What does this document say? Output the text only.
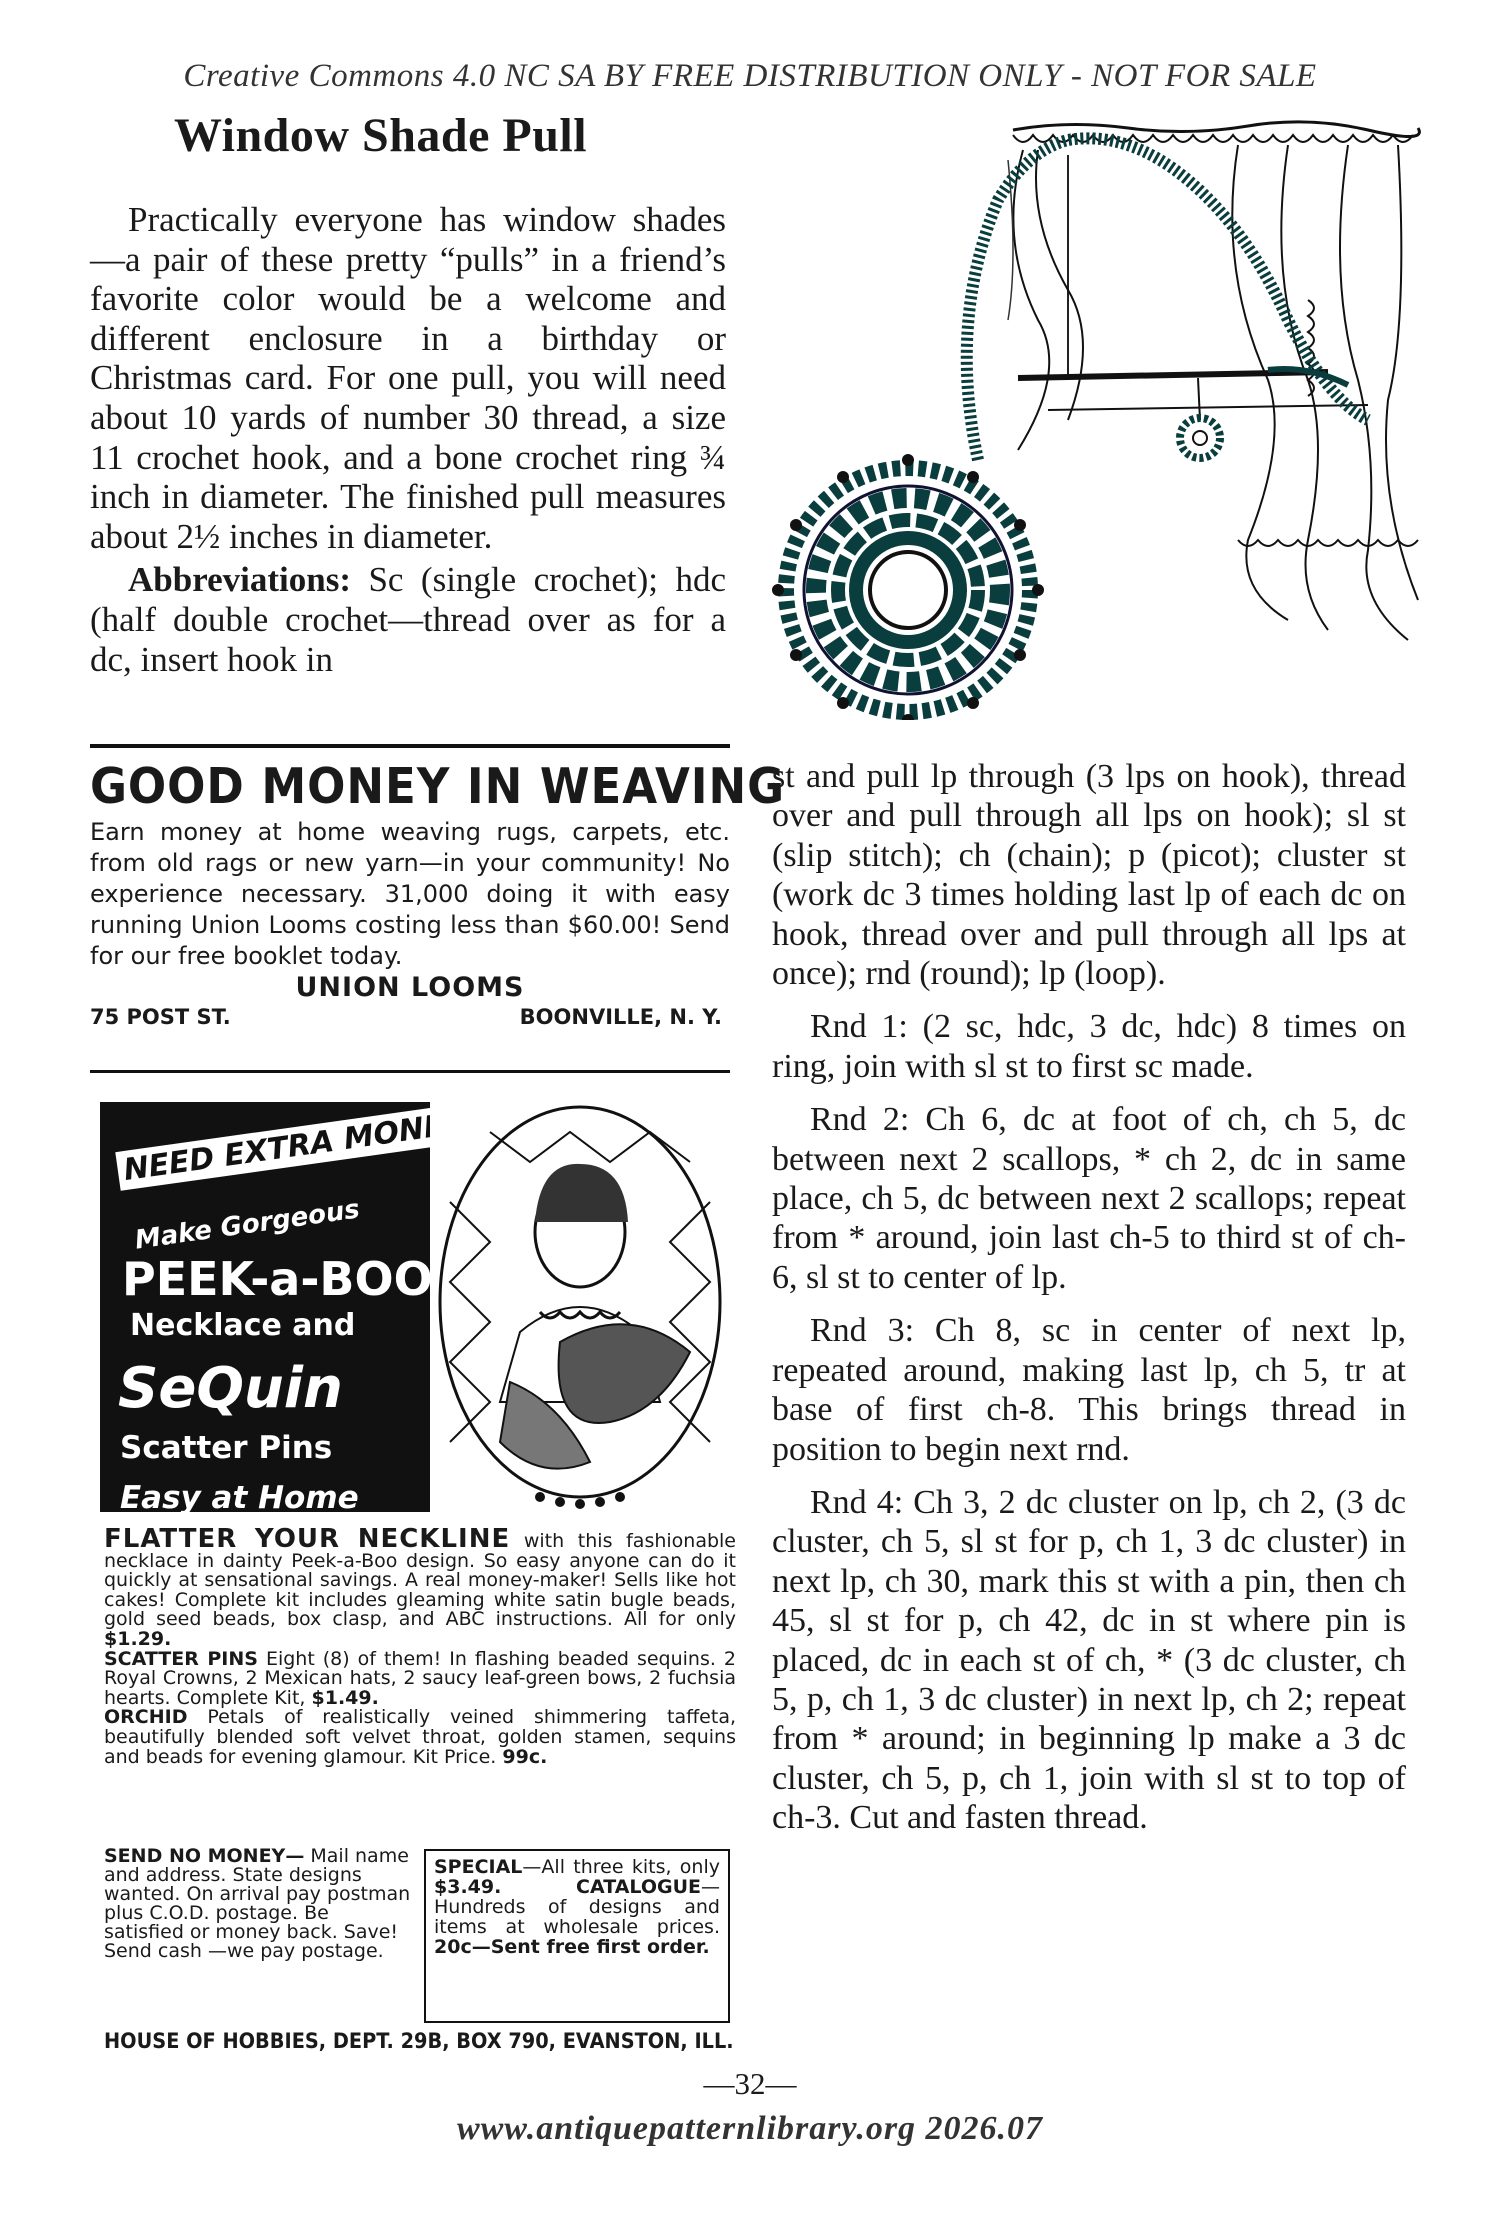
Creative Commons 4.0 NC SA BY FREE DISTRIBUTION ONLY - NOT FOR SALE
Window Shade Pull

Practically everyone has window shades—a pair of these pretty “pulls” in a friend’s favorite color would be a welcome and different enclosure in a birthday or Christmas card. For one pull, you will need about 10 yards of number 30 thread, a size 11 crochet hook, and a bone crochet ring ¾ inch in diameter. The finished pull measures about 2½ inches in diameter.

Abbreviations: Sc (single crochet); hdc (half double crochet—thread over as for a dc, insert hook in

GOOD MONEY IN WEAVING
Earn money at home weaving rugs, carpets, etc. from old rags or new yarn—in your community! No experience necessary. 31,000 doing it with easy running Union Looms costing less than $60.00! Send for our free booklet today.
UNION LOOMS
75 POST ST.	BOONVILLE, N. Y.
NEED EXTRA MONEY?
Make Gorgeous
PEEK-a-BOO
Necklace and
SeQuin
Scatter Pins
Easy at Home

FLATTER YOUR NECKLINE with this fashionable necklace in dainty Peek-a-Boo design. So easy anyone can do it quickly at sensational savings. A real money-maker! Sells like hot cakes! Complete kit includes gleaming white satin bugle beads, gold seed beads, box clasp, and ABC instructions. All for only $1.29.

SCATTER PINS Eight (8) of them! In flashing beaded sequins. 2 Royal Crowns, 2 Mexican hats, 2 saucy leaf-green bows, 2 fuchsia hearts. Complete Kit, $1.49.

ORCHID Petals of realistically veined shimmering taffeta, beautifully blended soft velvet throat, golden stamen, sequins and beads for evening glamour. Kit Price. 99c.

SEND NO MONEY— Mail name and address. State designs wanted. On arrival pay postman plus C.O.D. postage. Be satisfied or money back. Save! Send cash —we pay postage.
SPECIAL—All three kits, only $3.49.	CATALOGUE—Hundreds of designs and items at wholesale prices. 20c—Sent free first order.
HOUSE OF HOBBIES, DEPT. 29B, BOX 790, EVANSTON, ILL.

st and pull lp through (3 lps on hook), thread over and pull through all lps on hook); sl st (slip stitch); ch (chain); p (picot); cluster st (work dc 3 times holding last lp of each dc on hook, thread over and pull through all lps at once); rnd (round); lp (loop).

Rnd 1: (2 sc, hdc, 3 dc, hdc) 8 times on ring, join with sl st to first sc made.

Rnd 2: Ch 6, dc at foot of ch, ch 5, dc between next 2 scallops, * ch 2, dc in same place, ch 5, dc between next 2 scallops; repeat from * around, join last ch-5 to third st of ch-6, sl st to center of lp.

Rnd 3: Ch 8, sc in center of next lp, repeated around, making last lp, ch 5, tr at base of first ch-8. This brings thread in position to begin next rnd.

Rnd 4: Ch 3, 2 dc cluster on lp, ch 2, (3 dc cluster, ch 5, sl st for p, ch 1, 3 dc cluster) in next lp, ch 30, mark this st with a pin, then ch 45, sl st for p, ch 42, dc in st where pin is placed, dc in each st of ch, * (3 dc cluster, ch 5, p, ch 1, 3 dc cluster) in next lp, ch 2; repeat from * around; in beginning lp make a 3 dc cluster, ch 5, p, ch 1, join with sl st to top of ch-3. Cut and fasten thread.

—32—
www.antiquepatternlibrary.org 2026.07
